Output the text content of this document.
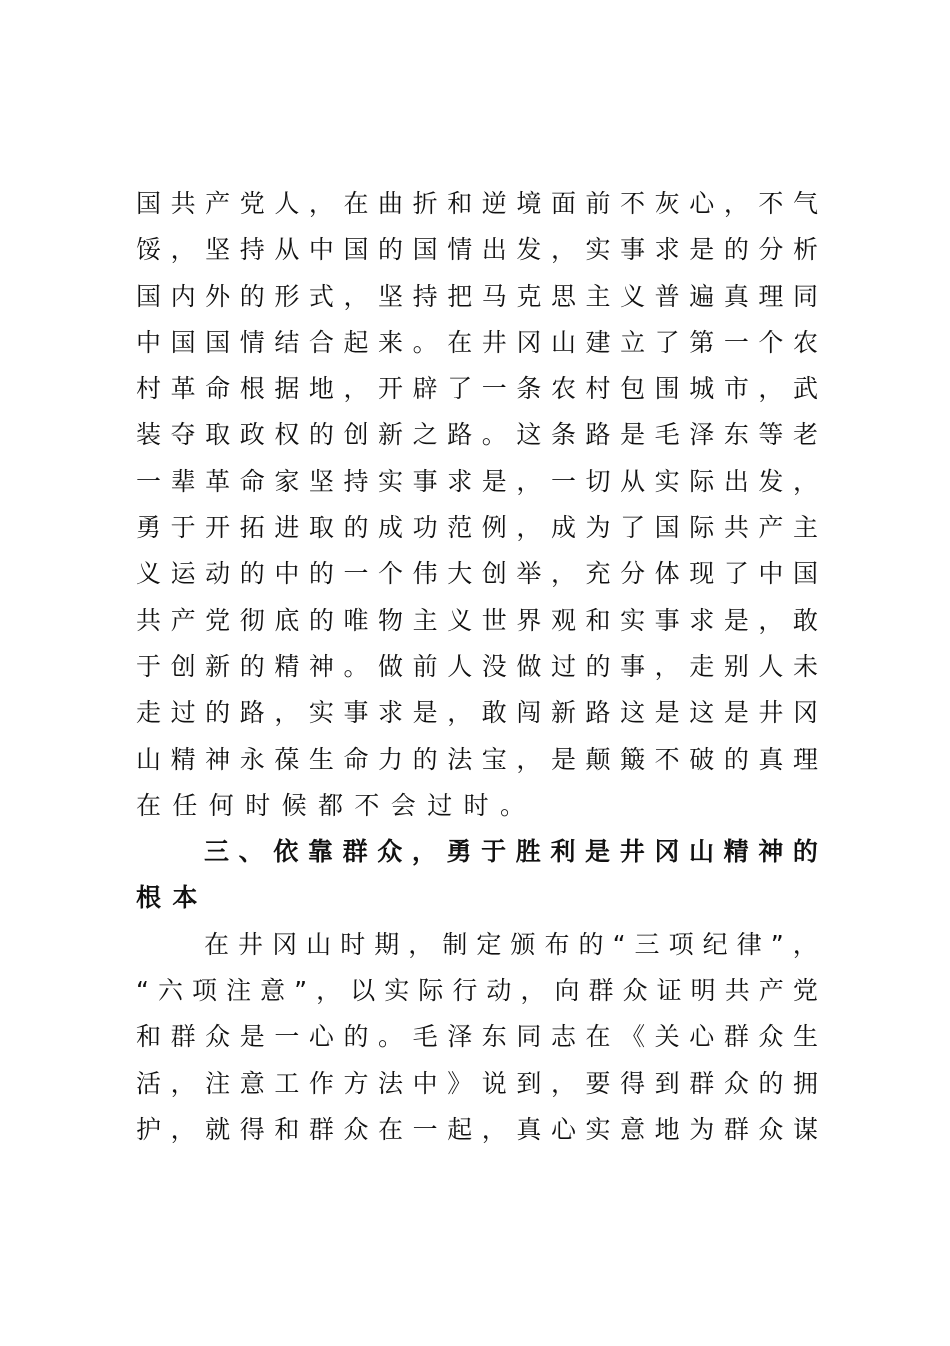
国 共 产 党 人 ， 在 曲 折 和 逆 境 面 前 不 灰 心 ， 不 气
馁 ， 坚 持 从 中 国 的 国 情 出 发 ， 实 事 求 是 的 分 析
国 内 外 的 形 式 ， 坚 持 把 马 克 思 主 义 普 遍 真 理 同
中 国 国 情 结 合 起 来 。 在 井 冈 山 建 立 了 第 一 个 农
村 革 命 根 据 地 ， 开 辟 了 一 条 农 村 包 围 城 市 ， 武
装 夺 取 政 权 的 创 新 之 路 。 这 条 路 是 毛 泽 东 等 老
一 辈 革 命 家 坚 持 实 事 求 是 ， 一 切 从 实 际 出 发 ，
勇 于 开 拓 进 取 的 成 功 范 例 ， 成 为 了 国 际 共 产 主
义 运 动 的 中 的 一 个 伟 大 创 举 ， 充 分 体 现 了 中 国
共 产 党 彻 底 的 唯 物 主 义 世 界 观 和 实 事 求 是 ， 敢
于 创 新 的 精 神 。 做 前 人 没 做 过 的 事 ， 走 别 人 未
走 过 的 路 ， 实 事 求 是 ， 敢 闯 新 路 这 是 这 是 井 冈
山 精 神 永 葆 生 命 力 的 法 宝 ， 是 颠 簸 不 破 的 真 理
在任何时候都不会过时。
三 、 依 靠 群 众 ， 勇 于 胜 利 是 井 冈 山 精 神 的
根本
在 井 冈 山 时 期 ， 制 定 颁 布 的 “ 三 项 纪 律 ” ，
“ 六 项 注 意 ” ， 以 实 际 行 动 ， 向 群 众 证 明 共 产 党
和 群 众 是 一 心 的 。 毛 泽 东 同 志 在 《 关 心 群 众 生
活 ， 注 意 工 作 方 法 中 》 说 到 ， 要 得 到 群 众 的 拥
护 ， 就 得 和 群 众 在 一 起 ， 真 心 实 意 地 为 群 众 谋
